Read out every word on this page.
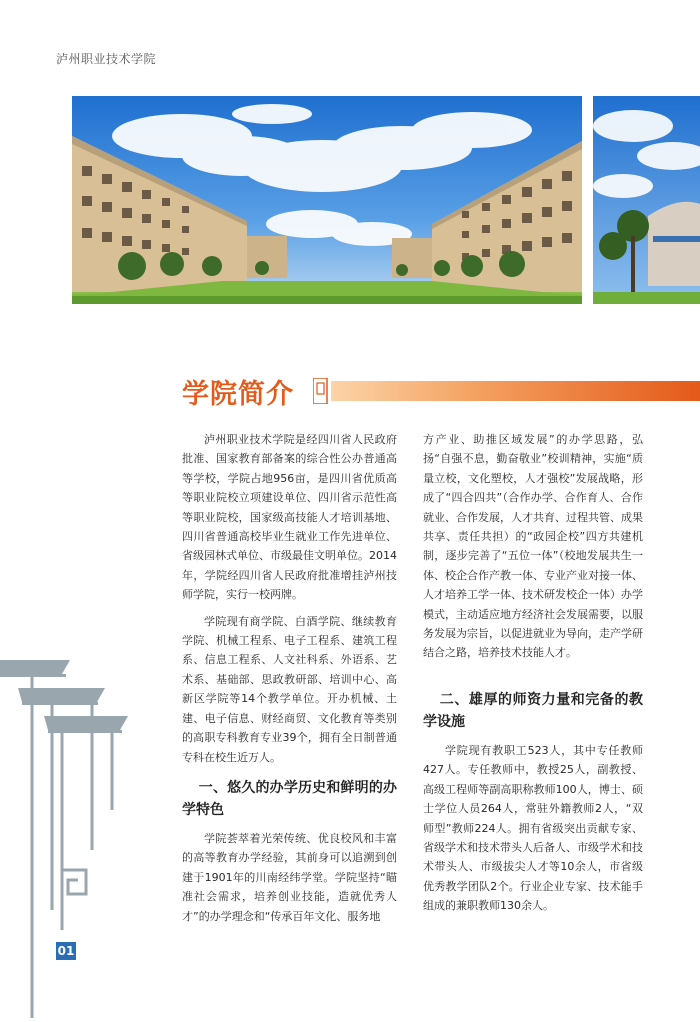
泸州职业技术学院
学院简介

泸州职业技术学院是经四川省人民政府批准、国家教育部备案的综合性公办普通高等学校，学院占地956亩，是四川省优质高等职业院校立项建设单位、四川省示范性高等职业院校，国家级高技能人才培训基地、四川省普通高校毕业生就业工作先进单位、省级园林式单位、市级最佳文明单位。2014年，学院经四川省人民政府批准增挂泸州技师学院，实行一校两牌。

学院现有商学院、白酒学院、继续教育学院、机械工程系、电子工程系、建筑工程系、信息工程系、人文社科系、外语系、艺术系、基础部、思政教研部、培训中心、高新区学院等14个教学单位。开办机械、土建、电子信息、财经商贸、文化教育等类别的高职专科教育专业39个，拥有全日制普通专科在校生近万人。

一、悠久的办学历史和鲜明的办学特色

学院荟萃着光荣传统、优良校风和丰富的高等教育办学经验，其前身可以追溯到创建于1901年的川南经纬学堂。学院坚持“瞄准社会需求，培养创业技能，造就优秀人才”的办学理念和“传承百年文化、服务地

方产业、助推区域发展”的办学思路，弘扬“自强不息，勤奋敬业”校训精神，实施“质量立校，文化塑校，人才强校”发展战略，形成了“四合四共”（合作办学、合作育人、合作就业、合作发展，人才共育、过程共管、成果共享、责任共担）的“政园企校”四方共建机制，逐步完善了“五位一体”（校地发展共生一体、校企合作产教一体、专业产业对接一体、人才培养工学一体、技术研发校企一体）办学模式，主动适应地方经济社会发展需要，以服务发展为宗旨，以促进就业为导向，走产学研结合之路，培养技术技能人才。

二、雄厚的师资力量和完备的教学设施

学院现有教职工523人，其中专任教师427人。专任教师中，教授25人，副教授、高级工程师等副高职称教师100人，博士、硕士学位人员264人，常驻外籍教师2人，“双师型”教师224人。拥有省级突出贡献专家、省级学术和技术带头人后备人、市级学术和技术带头人、市级拔尖人才等10余人，市省级优秀教学团队2个。行业企业专家、技术能手组成的兼职教师130余人。

01
